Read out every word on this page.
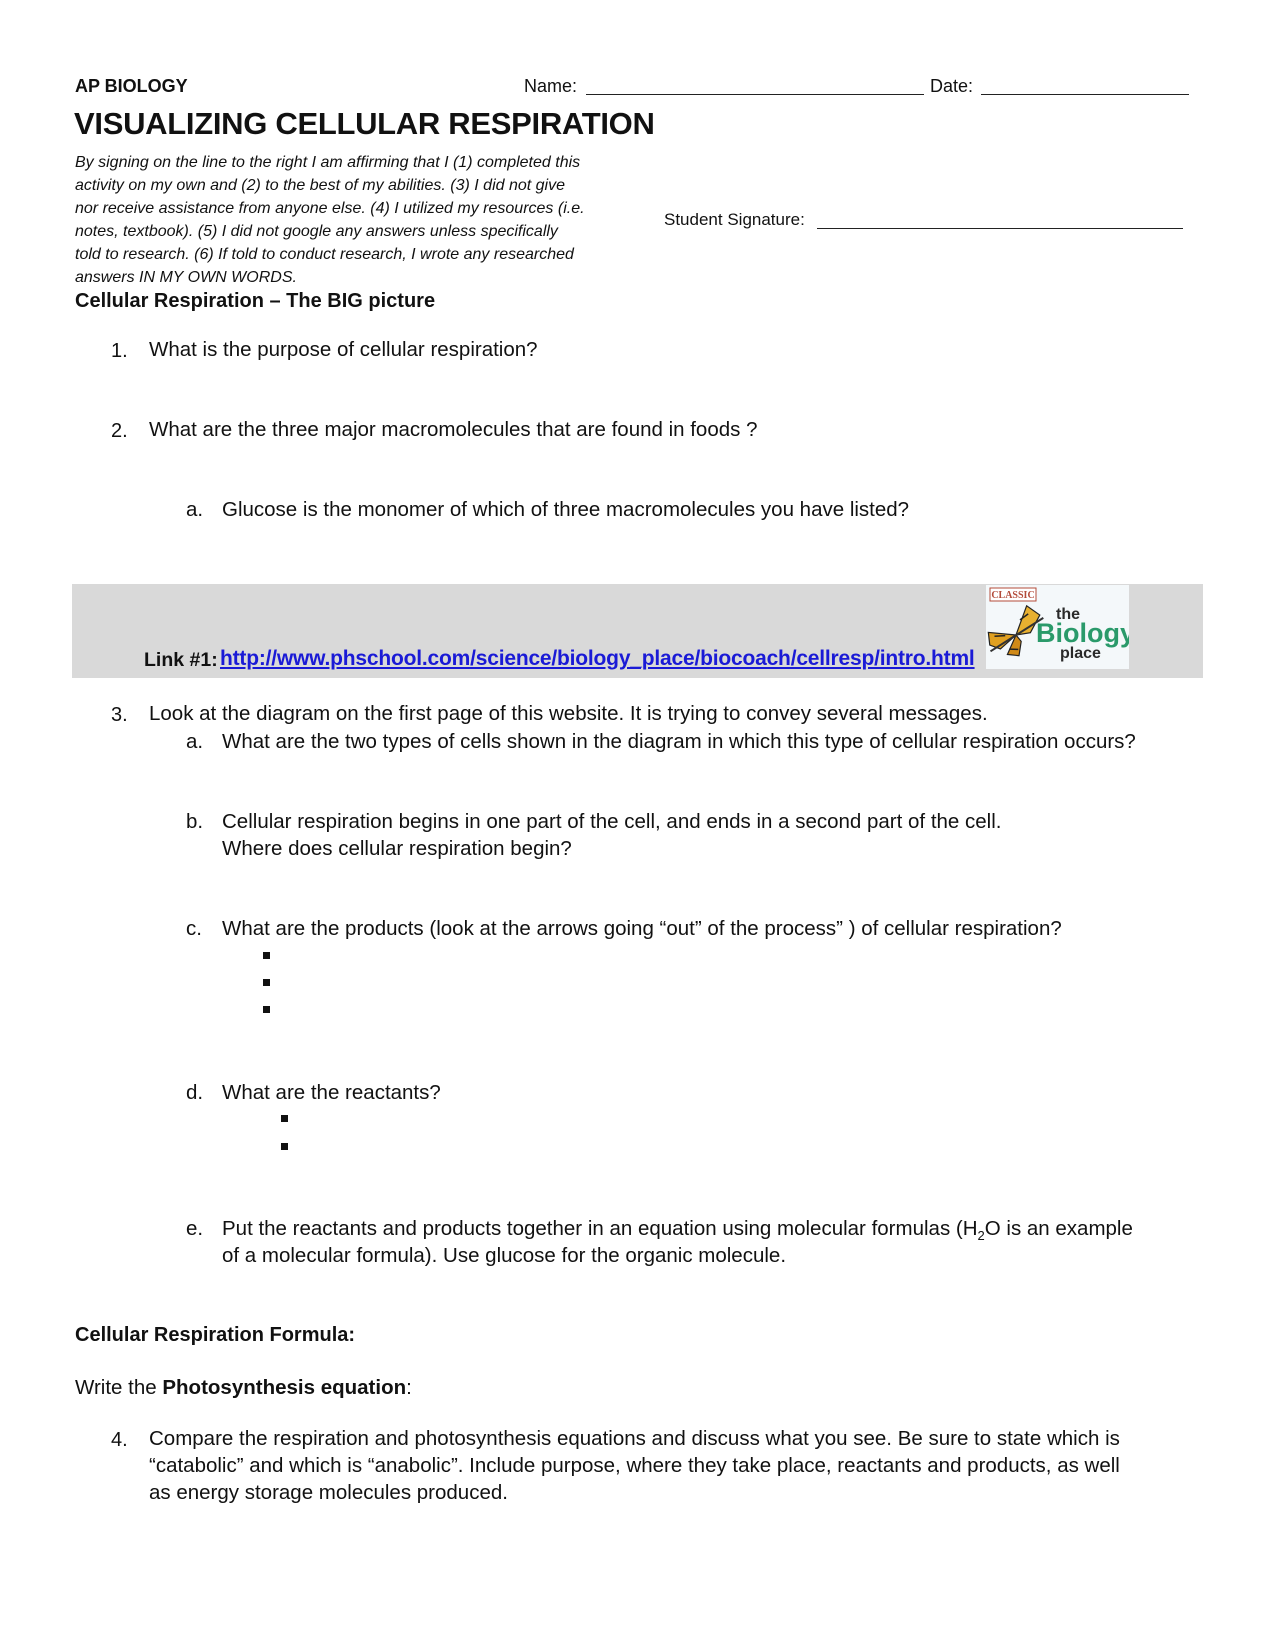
AP BIOLOGY	Name:	Date:
VISUALIZING CELLULAR RESPIRATION
By signing on the line to the right I am affirming that I (1) completed this
activity on my own and (2) to the best of my abilities. (3) I did not give
nor receive assistance from anyone else. (4) I utilized my resources (i.e.
notes, textbook). (5) I did not google any answers unless specifically
told to research. (6) If told to conduct research, I wrote any researched
answers IN MY OWN WORDS.
Student Signature:
Cellular Respiration – The BIG picture
1. What is the purpose of cellular respiration?
2. What are the three major macromolecules that are found in foods ?
a. Glucose is the monomer of which of three macromolecules you have listed?
Link #1: http://www.phschool.com/science/biology_place/biocoach/cellresp/intro.html
CLASSIC
the
Biology
place
3. Look at the diagram on the first page of this website. It is trying to convey several messages.
a. What are the two types of cells shown in the diagram in which this type of cellular respiration occurs?
b. Cellular respiration begins in one part of the cell, and ends in a second part of the cell.
Where does cellular respiration begin?
c. What are the products (look at the arrows going “out” of the process” ) of cellular respiration?
d. What are the reactants?
e. Put the reactants and products together in an equation using molecular formulas ($H_2O$ is an example
of a molecular formula). Use glucose for the organic molecule.
Cellular Respiration Formula:
Write the Photosynthesis equation:
4. Compare the respiration and photosynthesis equations and discuss what you see. Be sure to state which is
“catabolic” and which is “anabolic”. Include purpose, where they take place, reactants and products, as well
as energy storage molecules produced.
